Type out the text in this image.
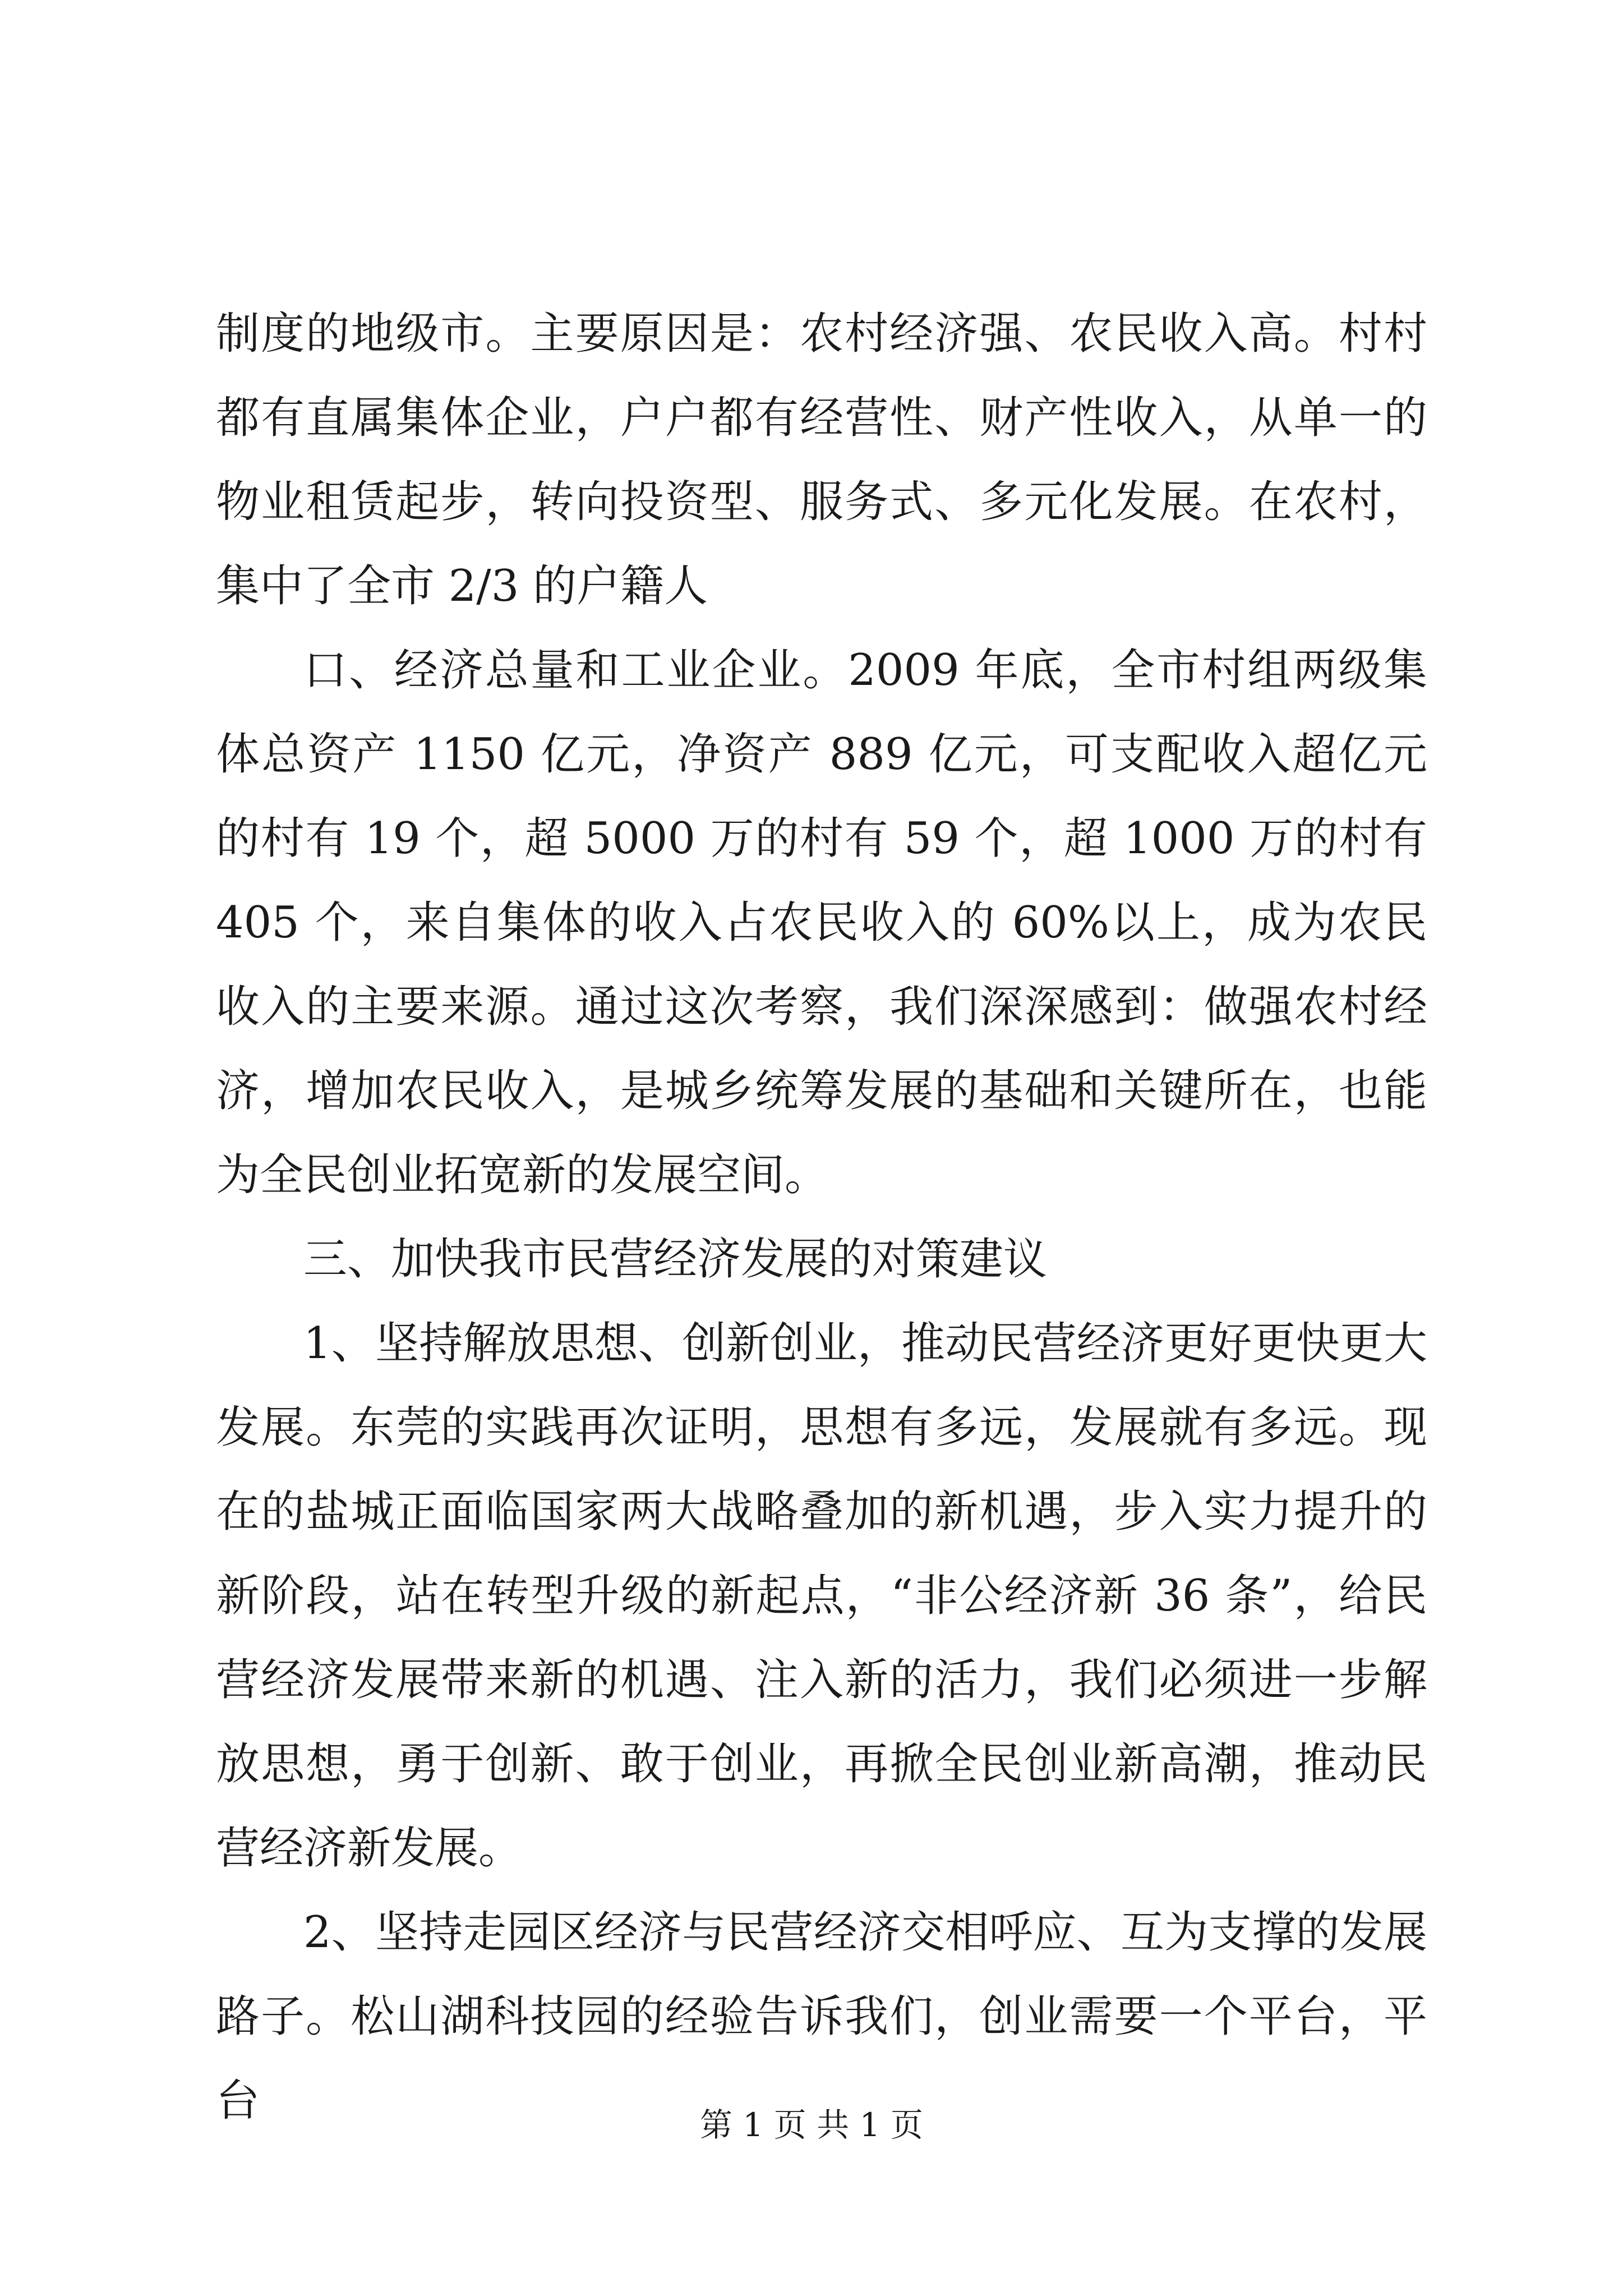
制度的地级市。主要原因是：农村经济强、农民收入高。村村都有直属集体企业，户户都有经营性、财产性收入，从单一的物业租赁起步，转向投资型、服务式、多元化发展。在农村，集中了全市 2/3 的户籍人

口、经济总量和工业企业。2009 年底，全市村组两级集体总资产 1150 亿元，净资产 889 亿元，可支配收入超亿元的村有 19 个，超 5000 万的村有 59 个，超 1000 万的村有 405 个，来自集体的收入占农民收入的 60%以上，成为农民收入的主要来源。通过这次考察，我们深深感到：做强农村经济，增加农民收入，是城乡统筹发展的基础和关键所在，也能为全民创业拓宽新的发展空间。

三、加快我市民营经济发展的对策建议

1、坚持解放思想、创新创业，推动民营经济更好更快更大发展。东莞的实践再次证明，思想有多远，发展就有多远。现在的盐城正面临国家两大战略叠加的新机遇，步入实力提升的新阶段，站在转型升级的新起点，“非公经济新 36 条”，给民营经济发展带来新的机遇、注入新的活力，我们必须进一步解放思想，勇于创新、敢于创业，再掀全民创业新高潮，推动民营经济新发展。

2、坚持走园区经济与民营经济交相呼应、互为支撑的发展路子。松山湖科技园的经验告诉我们，创业需要一个平台，平台	第 1 页 共 1 页
